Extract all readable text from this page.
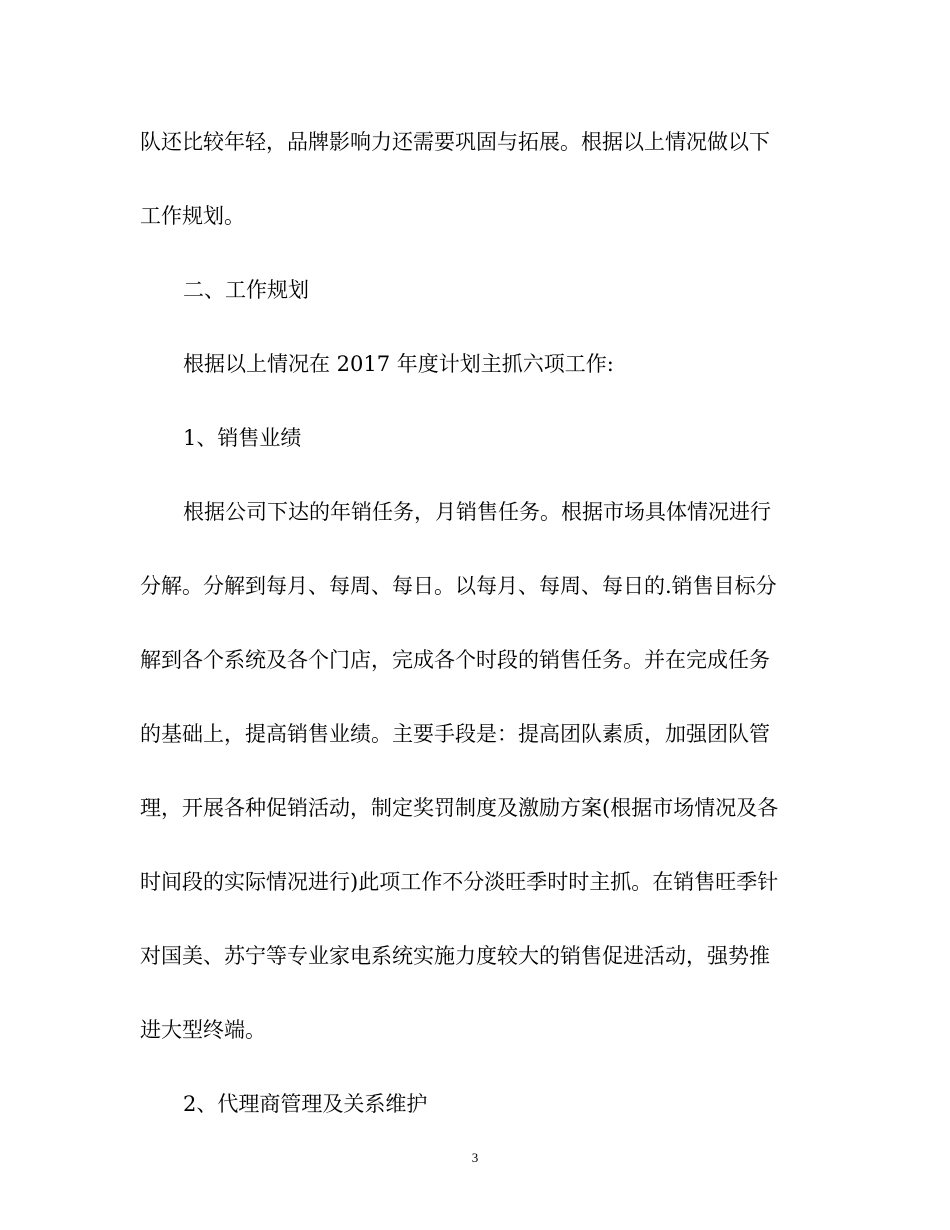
队还比较年轻，品牌影响力还需要巩固与拓展。根据以上情况做以下
工作规划。
二、工作规划
根据以上情况在 2017 年度计划主抓六项工作:
1、销售业绩
根据公司下达的年销任务，月销售任务。根据市场具体情况进行
分解。分解到每月、每周、每日。以每月、每周、每日的.销售目标分
解到各个系统及各个门店，完成各个时段的销售任务。并在完成任务
的基础上，提高销售业绩。主要手段是：提高团队素质，加强团队管
理，开展各种促销活动，制定奖罚制度及激励方案(根据市场情况及各
时间段的实际情况进行)此项工作不分淡旺季时时主抓。在销售旺季针
对国美、苏宁等专业家电系统实施力度较大的销售促进活动，强势推
进大型终端。
2、代理商管理及关系维护
3
